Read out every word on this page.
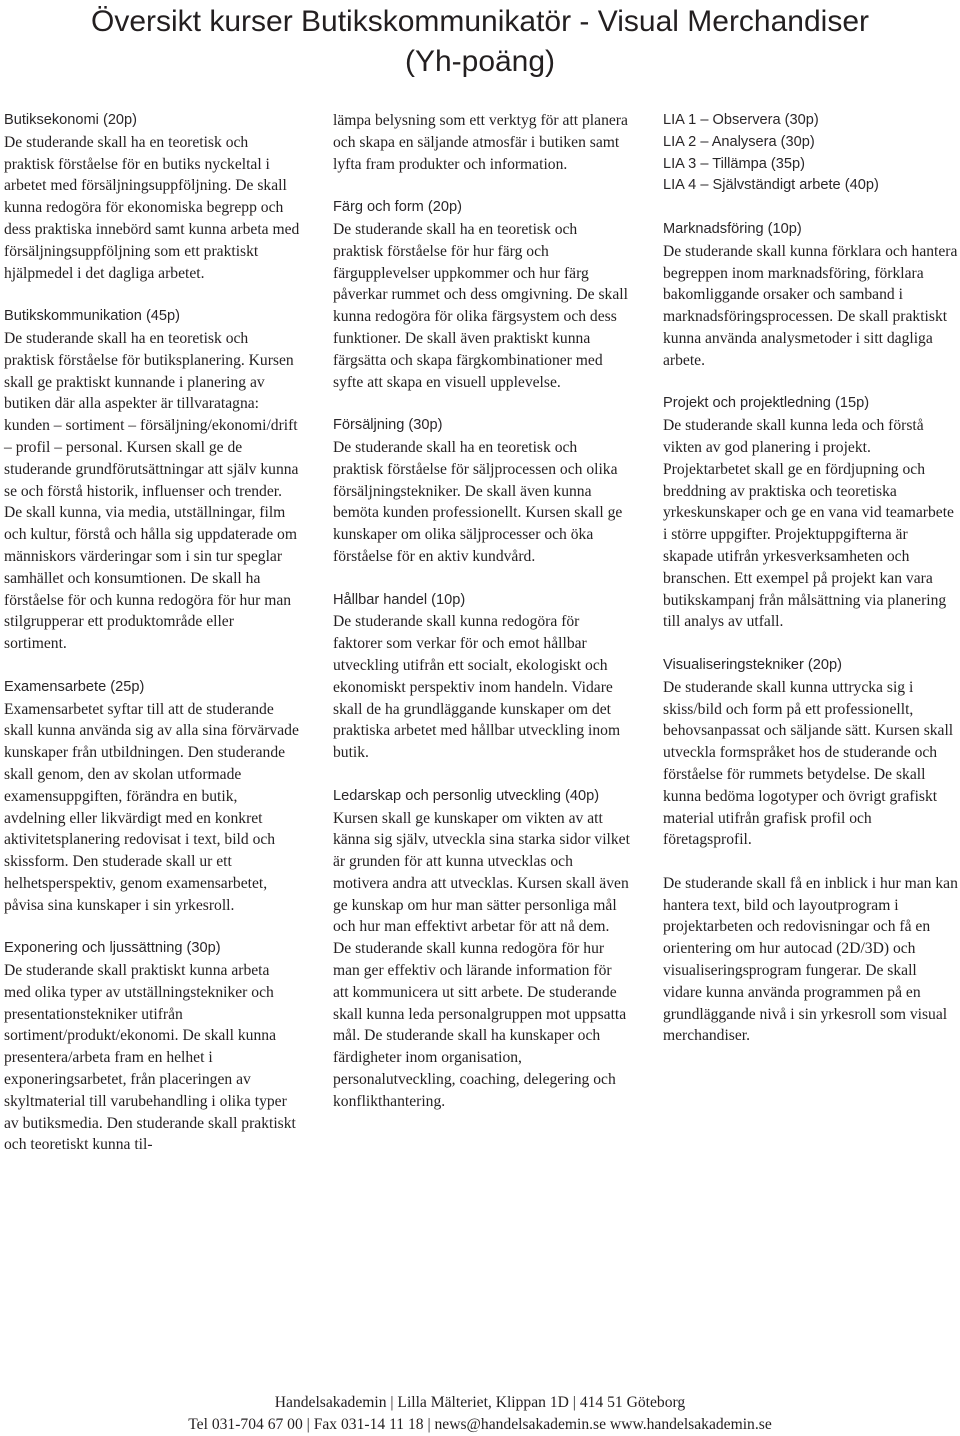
Översikt kurser Butikskommunikatör - Visual Merchandiser
(Yh-poäng)
Butiksekonomi (20p)
De studerande skall ha en teoretisk och praktisk förståelse för en butiks nyckeltal i arbetet med försäljningsuppföljning. De skall kunna redogöra för ekonomiska begrepp och dess praktiska innebörd samt kunna arbeta med försäljningsuppföljning som ett praktiskt hjälpmedel i det dagliga arbetet.
Butikskommunikation (45p)
De studerande skall ha en teoretisk och praktisk förståelse för butiksplanering. Kursen skall ge praktiskt kunnande i planering av butiken där alla aspekter är tillvaratagna: kunden – sortiment – försäljning/ekonomi/drift – profil – personal. Kursen skall ge de studerande grundförutsättningar att själv kunna se och förstå historik, influenser och trender. De skall kunna, via media, utställningar, film och kultur, förstå och hålla sig uppdaterade om människors värderingar som i sin tur speglar samhället och konsumtionen. De skall ha förståelse för och kunna redogöra för hur man stilgrupperar ett produktområde eller sortiment.
Examensarbete (25p)
Examensarbetet syftar till att de studerande skall kunna använda sig av alla sina förvärvade kunskaper från utbildningen. Den studerande skall genom, den av skolan utformade examensuppgiften, förändra en butik, avdelning eller likvärdigt med en konkret aktivitetsplanering redovisat i text, bild och skissform. Den studerade skall ur ett helhetsperspektiv, genom examensarbetet, påvisa sina kunskaper i sin yrkesroll.
Exponering och ljussättning (30p)
De studerande skall praktiskt kunna arbeta med olika typer av utställningstekniker och presentationstekniker utifrån sortiment/produkt/ekonomi. De skall kunna presentera/arbeta fram en helhet i exponeringsarbetet, från placeringen av skyltmaterial till varubehandling i olika typer av butiksmedia. Den studerande skall praktiskt och teoretiskt kunna til-
lämpa belysning som ett verktyg för att planera och skapa en säljande atmosfär i butiken samt lyfta fram produkter och information.
Färg och form (20p)
De studerande skall ha en teoretisk och praktisk förståelse för hur färg och färgupplevelser uppkommer och hur färg påverkar rummet och dess omgivning. De skall kunna redogöra för olika färgsystem och dess funktioner. De skall även praktiskt kunna färgsätta och skapa färgkombinationer med syfte att skapa en visuell upplevelse.
Försäljning (30p)
De studerande skall ha en teoretisk och praktisk förståelse för säljprocessen och olika försäljningstekniker. De skall även kunna bemöta kunden professionellt. Kursen skall ge kunskaper om olika säljprocesser och öka förståelse för en aktiv kundvård.
Hållbar handel (10p)
De studerande skall kunna redogöra för faktorer som verkar för och emot hållbar utveckling utifrån ett socialt, ekologiskt och ekonomiskt perspektiv inom handeln. Vidare skall de ha grundläggande kunskaper om det praktiska arbetet med hållbar utveckling inom butik.
Ledarskap och personlig utveckling (40p)
Kursen skall ge kunskaper om vikten av att känna sig själv, utveckla sina starka sidor vilket är grunden för att kunna utvecklas och motivera andra att utvecklas. Kursen skall även ge kunskap om hur man sätter personliga mål och hur man effektivt arbetar för att nå dem. De studerande skall kunna redogöra för hur man ger effektiv och lärande information för att kommunicera ut sitt arbete. De studerande skall kunna leda personalgruppen mot uppsatta mål. De studerande skall ha kunskaper och färdigheter inom organisation, personalutveckling, coaching, delegering och konflikthantering.
LIA 1 – Observera (30p)
LIA 2 – Analysera (30p)
LIA 3 – Tillämpa (35p)
LIA 4 – Självständigt arbete (40p)
Marknadsföring (10p)
De studerande skall kunna förklara och hantera begreppen inom marknadsföring, förklara bakomliggande orsaker och samband i marknadsföringsprocessen. De skall praktiskt kunna använda analysmetoder i sitt dagliga arbete.
Projekt och projektledning (15p)
De studerande skall kunna leda och förstå vikten av god planering i projekt. Projektarbetet skall ge en fördjupning och breddning av praktiska och teoretiska yrkeskunskaper och ge en vana vid teamarbete i större uppgifter. Projektuppgifterna är skapade utifrån yrkesverksamheten och branschen. Ett exempel på projekt kan vara butikskampanj från målsättning via planering till analys av utfall.
Visualiseringstekniker (20p)
De studerande skall kunna uttrycka sig i skiss/bild och form på ett professionellt, behovsanpassat och säljande sätt. Kursen skall utveckla formspråket hos de studerande och förståelse för rummets betydelse. De skall kunna bedöma logotyper och övrigt grafiskt material utifrån grafisk profil och företagsprofil.
De studerande skall få en inblick i hur man kan hantera text, bild och layoutprogram i projektarbeten och redovisningar och få en orientering om hur autocad (2D/3D) och visualiseringsprogram fungerar. De skall vidare kunna använda programmen på en grundläggande nivå i sin yrkesroll som visual merchandiser.
Handelsakademin | Lilla Mälteriet, Klippan 1D | 414 51 Göteborg
Tel 031-704 67 00 | Fax 031-14 11 18 | news@handelsakademin.se www.handelsakademin.se
